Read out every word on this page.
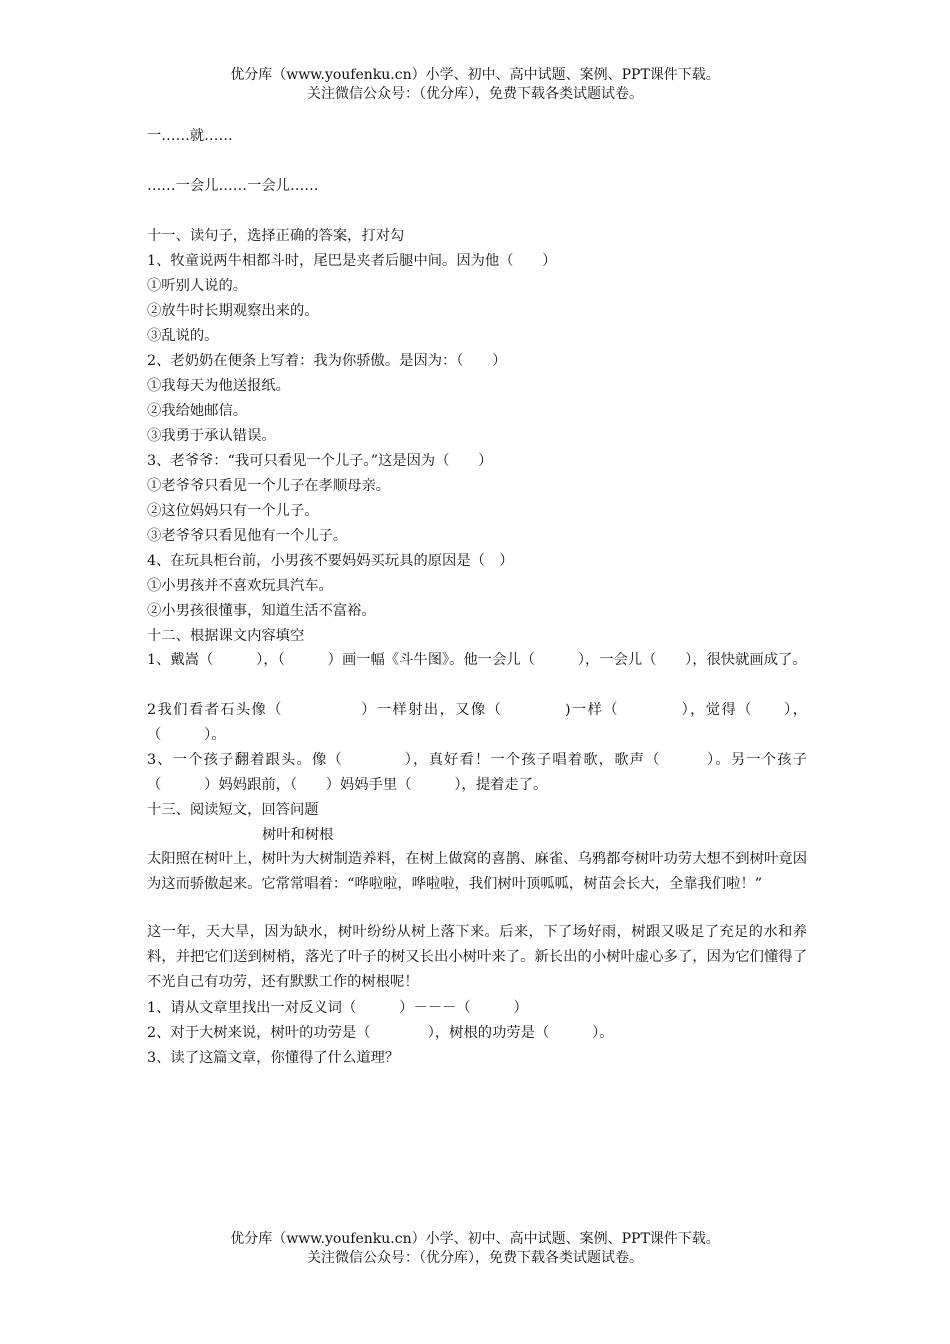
优分库（www.youfenku.cn）小学、初中、高中试题、案例、PPT课件下载。
关注微信公众号：（优分库），免费下载各类试题试卷。
一……就……
……一会儿……一会儿……
十一、读句子，选择正确的答案，打对勾
1、牧童说两牛相都斗时，尾巴是夹者后腿中间。因为他（　　）
①听别人说的。
②放牛时长期观察出来的。
③乱说的。
2、老奶奶在便条上写着：我为你骄傲。是因为：（　　）
①我每天为他送报纸。
②我给她邮信。
③我勇于承认错误。
3、老爷爷：“我可只看见一个儿子。”这是因为（　　）
①老爷爷只看见一个儿子在孝顺母亲。
②这位妈妈只有一个儿子。
③老爷爷只看见他有一个儿子。
4、在玩具柜台前，小男孩不要妈妈买玩具的原因是（　）
①小男孩并不喜欢玩具汽车。
②小男孩很懂事，知道生活不富裕。
十二、根据课文内容填空
1、戴嵩（　　　），（　　　）画一幅《斗牛图》。他一会儿（　　　），一会儿（　　），很快就画成了。
2我们看者石头像（　　　　　）一样射出，又像（　　　　)一样（　　　　），觉得（　　），（　　　）。
3、一个孩子翻着跟头。像（　　　　），真好看！一个孩子唱着歌，歌声（　　　）。另一个孩子（　　　）妈妈跟前，（　　）妈妈手里（　　　），提着走了。
十三、阅读短文，回答问题
树叶和树根
太阳照在树叶上，树叶为大树制造养料，在树上做窝的喜鹊、麻雀、乌鸦都夸树叶功劳大想不到树叶竟因为这而骄傲起来。它常常唱着：“哗啦啦，哗啦啦，我们树叶顶呱呱，树苗会长大，全靠我们啦！”
这一年，天大旱，因为缺水，树叶纷纷从树上落下来。后来，下了场好雨，树跟又吸足了充足的水和养料，并把它们送到树梢，落光了叶子的树又长出小树叶来了。新长出的小树叶虚心多了，因为它们懂得了不光自己有功劳，还有默默工作的树根呢！
1、请从文章里找出一对反义词（　　　）－－－（　　　）
2、对于大树来说，树叶的功劳是（　　　　），树根的功劳是（　　　）。
3、读了这篇文章，你懂得了什么道理？
优分库（www.youfenku.cn）小学、初中、高中试题、案例、PPT课件下载。
关注微信公众号：（优分库），免费下载各类试题试卷。
